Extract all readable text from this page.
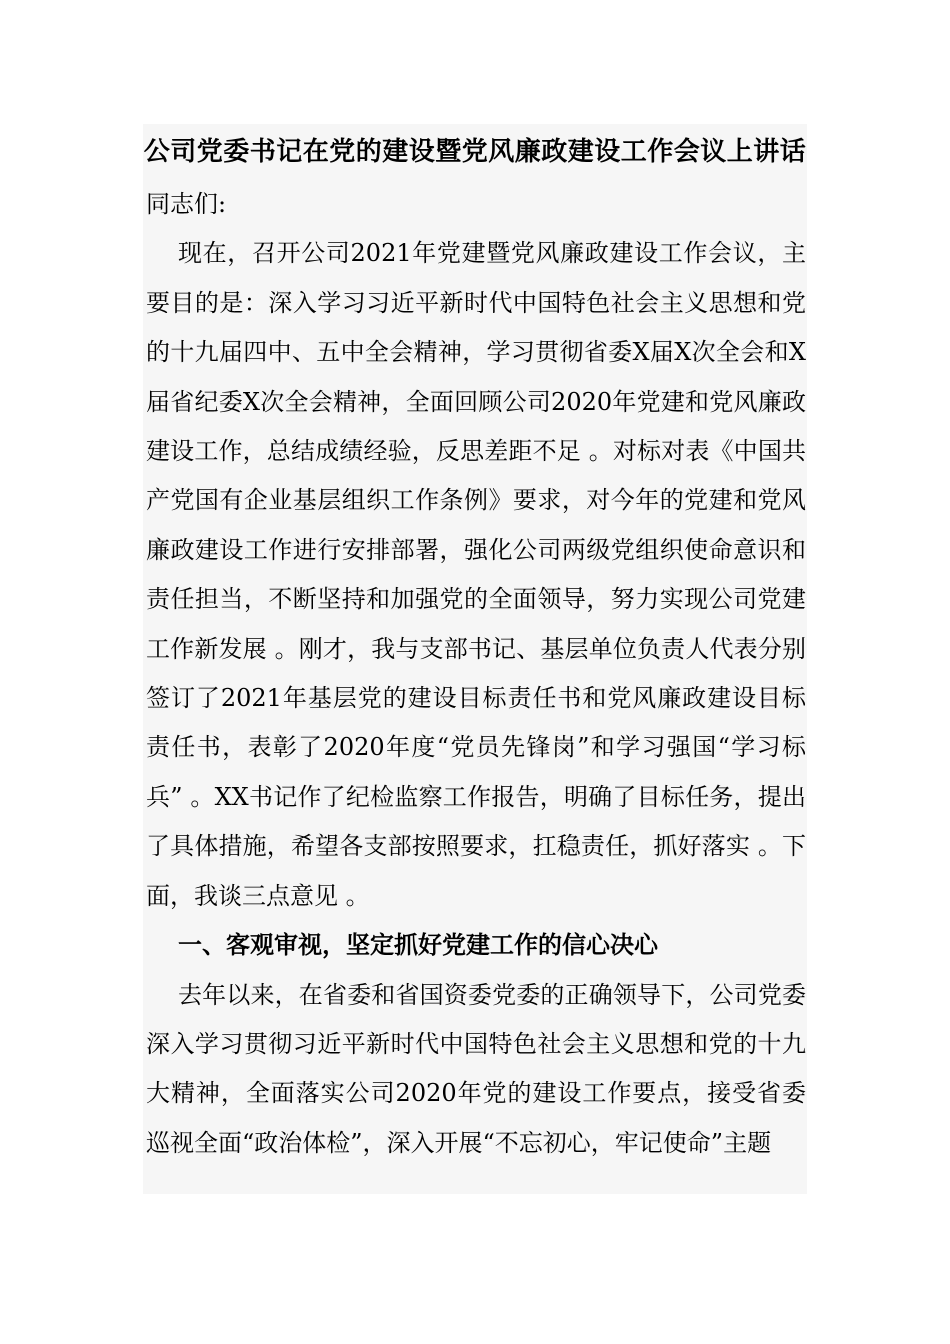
公司党委书记在党的建设暨党风廉政建设工作会议上讲话

同志们:

现在，召开公司2021年党建暨党风廉政建设工作会议，主要目的是：深入学习习近平新时代中国特色社会主义思想和党的十九届四中、五中全会精神，学习贯彻省委X届X次全会和X届省纪委X次全会精神，全面回顾公司2020年党建和党风廉政建设工作，总结成绩经验，反思差距不足 。对标对表《中国共产党国有企业基层组织工作条例》要求，对今年的党建和党风廉政建设工作进行安排部署，强化公司两级党组织使命意识和责任担当，不断坚持和加强党的全面领导，努力实现公司党建工作新发展 。刚才，我与支部书记、基层单位负责人代表分别签订了2021年基层党的建设目标责任书和党风廉政建设目标责任书，表彰了2020年度“党员先锋岗”和学习强国“学习标兵” 。XX书记作了纪检监察工作报告，明确了目标任务，提出了具体措施，希望各支部按照要求，扛稳责任，抓好落实 。下面，我谈三点意见 。

一、客观审视，坚定抓好党建工作的信心决心

去年以来，在省委和省国资委党委的正确领导下，公司党委深入学习贯彻习近平新时代中国特色社会主义思想和党的十九大精神，全面落实公司2020年党的建设工作要点，接受省委巡视全面“政治体检”，深入开展“不忘初心，牢记使命”主题
